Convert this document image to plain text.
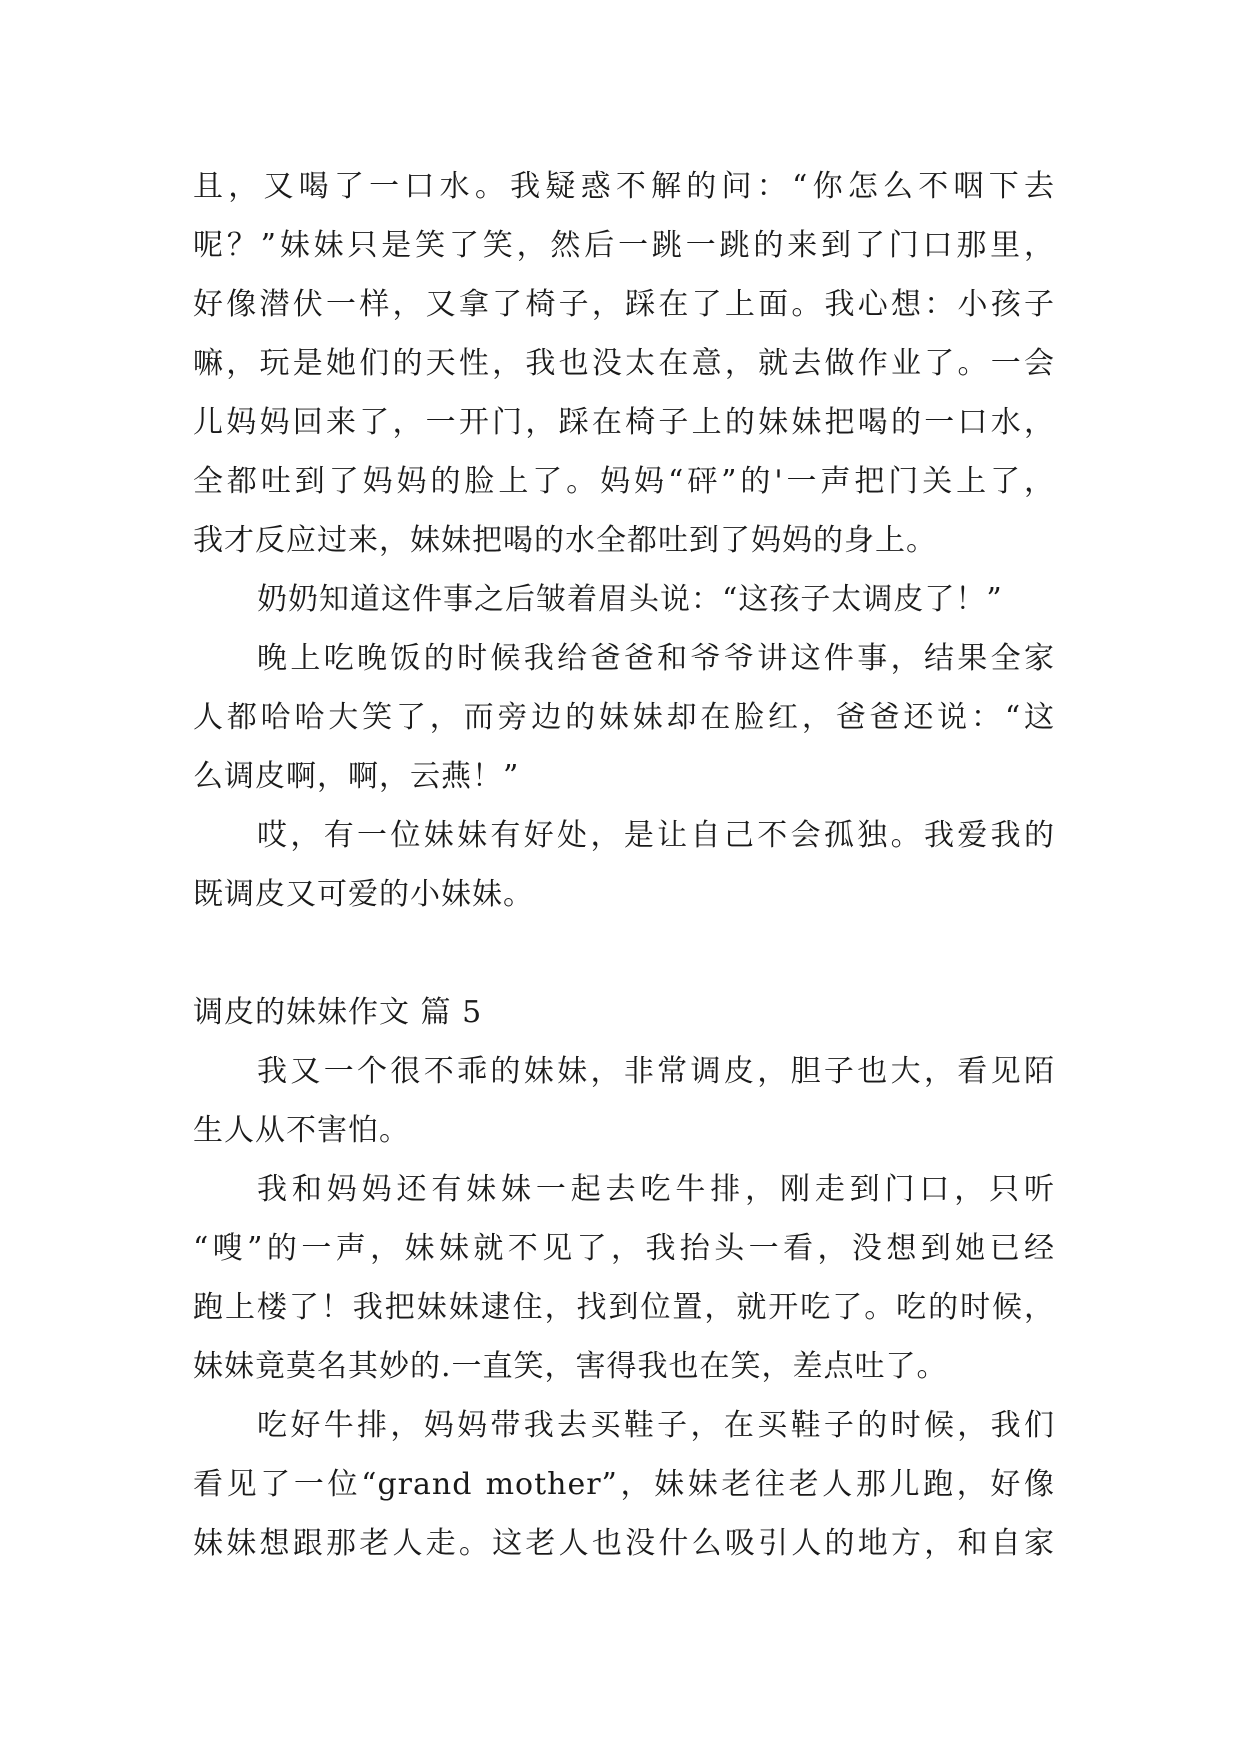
且，又喝了一口水。我疑惑不解的问：“你怎么不咽下去
呢？”妹妹只是笑了笑，然后一跳一跳的来到了门口那里，
好像潜伏一样，又拿了椅子，踩在了上面。我心想：小孩子
嘛，玩是她们的天性，我也没太在意，就去做作业了。一会
儿妈妈回来了，一开门，踩在椅子上的妹妹把喝的一口水，
全都吐到了妈妈的脸上了。妈妈“砰”的'一声把门关上了，
我才反应过来，妹妹把喝的水全都吐到了妈妈的身上。
奶奶知道这件事之后皱着眉头说：“这孩子太调皮了！”
晚上吃晚饭的时候我给爸爸和爷爷讲这件事，结果全家
人都哈哈大笑了，而旁边的妹妹却在脸红，爸爸还说：“这
么调皮啊，啊，云燕！”
哎，有一位妹妹有好处，是让自己不会孤独。我爱我的
既调皮又可爱的小妹妹。
调皮的妹妹作文 篇 5
我又一个很不乖的妹妹，非常调皮，胆子也大，看见陌
生人从不害怕。
我和妈妈还有妹妹一起去吃牛排，刚走到门口，只听
“嗖”的一声，妹妹就不见了，我抬头一看，没想到她已经
跑上楼了！我把妹妹逮住，找到位置，就开吃了。吃的时候，
妹妹竟莫名其妙的.一直笑，害得我也在笑，差点吐了。
吃好牛排，妈妈带我去买鞋子，在买鞋子的时候，我们
看见了一位“grand mother”，妹妹老往老人那儿跑，好像
妹妹想跟那老人走。这老人也没什么吸引人的地方，和自家
